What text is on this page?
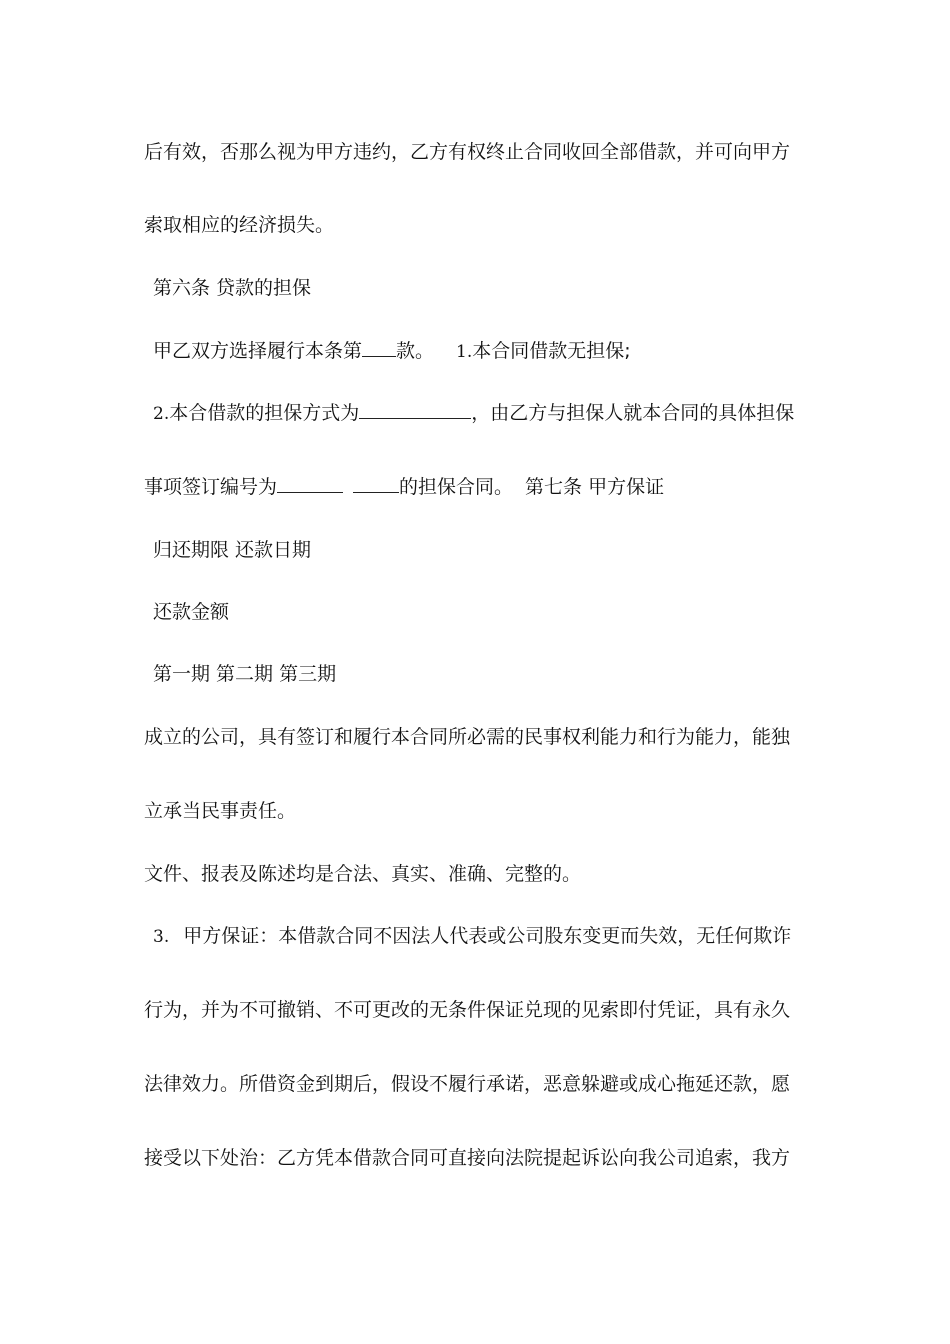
后有效，否那么视为甲方违约，乙方有权终止合同收回全部借款，并可向甲方
索取相应的经济损失。
第六条 贷款的担保
甲乙双方选择履行本条第 款。 1.本合同借款无担保;
2.本合借款的担保方式为	，由乙方与担保人就本合同的具体担保
事项签订编号为	的担保合同。 第七条 甲方保证
归还期限 还款日期
还款金额
第一期 第二期 第三期
成立的公司，具有签订和履行本合同所必需的民事权利能力和行为能力，能独
立承当民事责任。
文件、报表及陈述均是合法、真实、准确、完整的。
3. 甲方保证：本借款合同不因法人代表或公司股东变更而失效，无任何欺诈
行为，并为不可撤销、不可更改的无条件保证兑现的见索即付凭证，具有永久
法律效力。所借资金到期后，假设不履行承诺，恶意躲避或成心拖延还款，愿
接受以下处治：乙方凭本借款合同可直接向法院提起诉讼向我公司追索，我方
